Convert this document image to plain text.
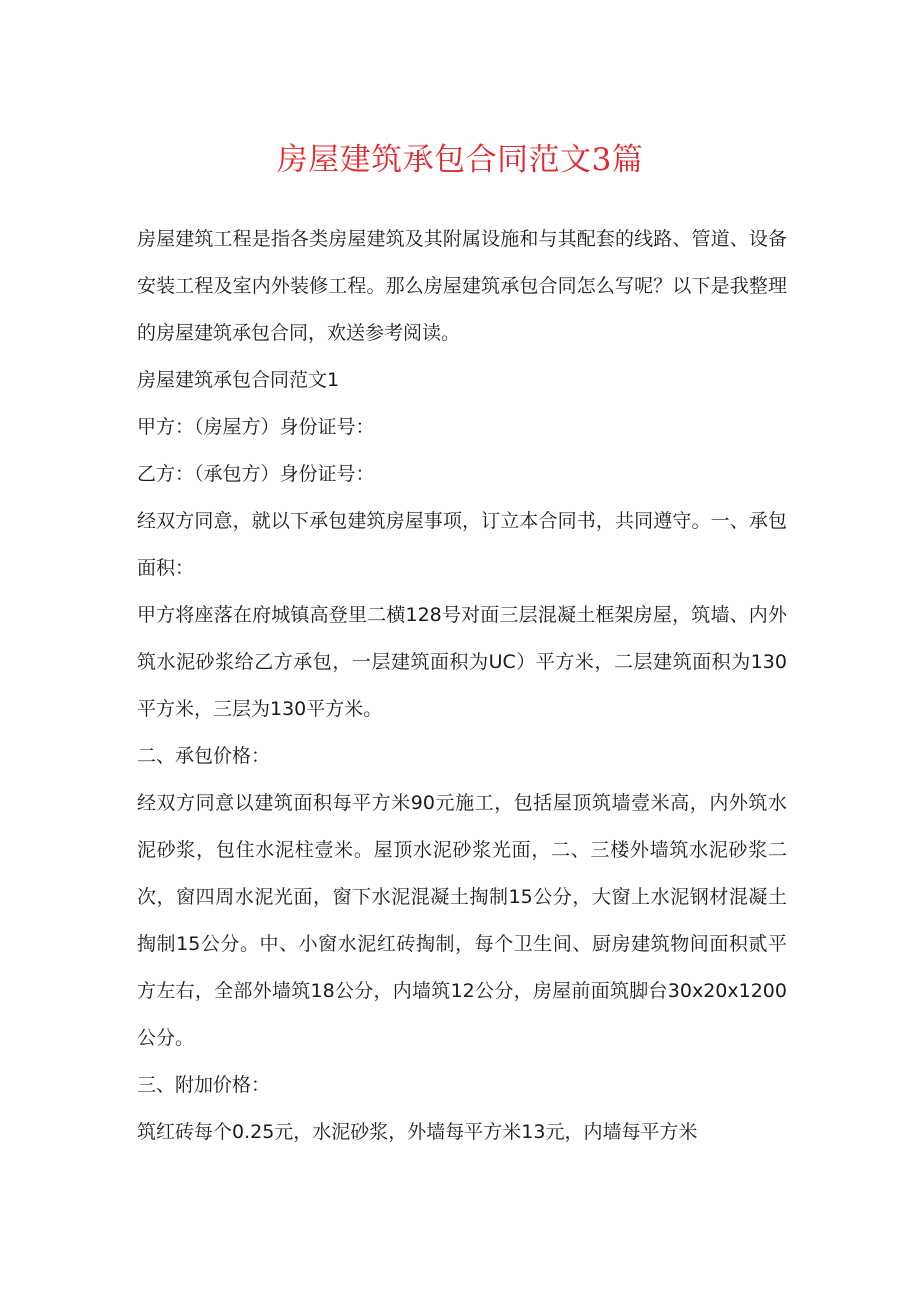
房屋建筑承包合同范文3篇

房屋建筑工程是指各类房屋建筑及其附属设施和与其配套的线路、管道、设备安装工程及室内外装修工程。那么房屋建筑承包合同怎么写呢？以下是我整理的房屋建筑承包合同，欢送参考阅读。

房屋建筑承包合同范文1

甲方：（房屋方）身份证号：

乙方：（承包方）身份证号：

经双方同意，就以下承包建筑房屋事项，订立本合同书，共同遵守。一、承包面积：

甲方将座落在府城镇高登里二横128号对面三层混凝土框架房屋，筑墙、内外筑水泥砂浆给乙方承包，一层建筑面积为UC）平方米，二层建筑面积为130平方米，三层为130平方米。

二、承包价格：

经双方同意以建筑面积每平方米90元施工，包括屋顶筑墙壹米高，内外筑水泥砂浆，包住水泥柱壹米。屋顶水泥砂浆光面，二、三楼外墙筑水泥砂浆二次，窗四周水泥光面，窗下水泥混凝土掏制15公分，大窗上水泥钢材混凝土掏制15公分。中、小窗水泥红砖掏制，每个卫生间、厨房建筑物间面积贰平方左右，全部外墙筑18公分，内墙筑12公分，房屋前面筑脚台30x20x1200公分。

三、附加价格：

筑红砖每个0.25元，水泥砂浆，外墙每平方米13元，内墙每平方米
